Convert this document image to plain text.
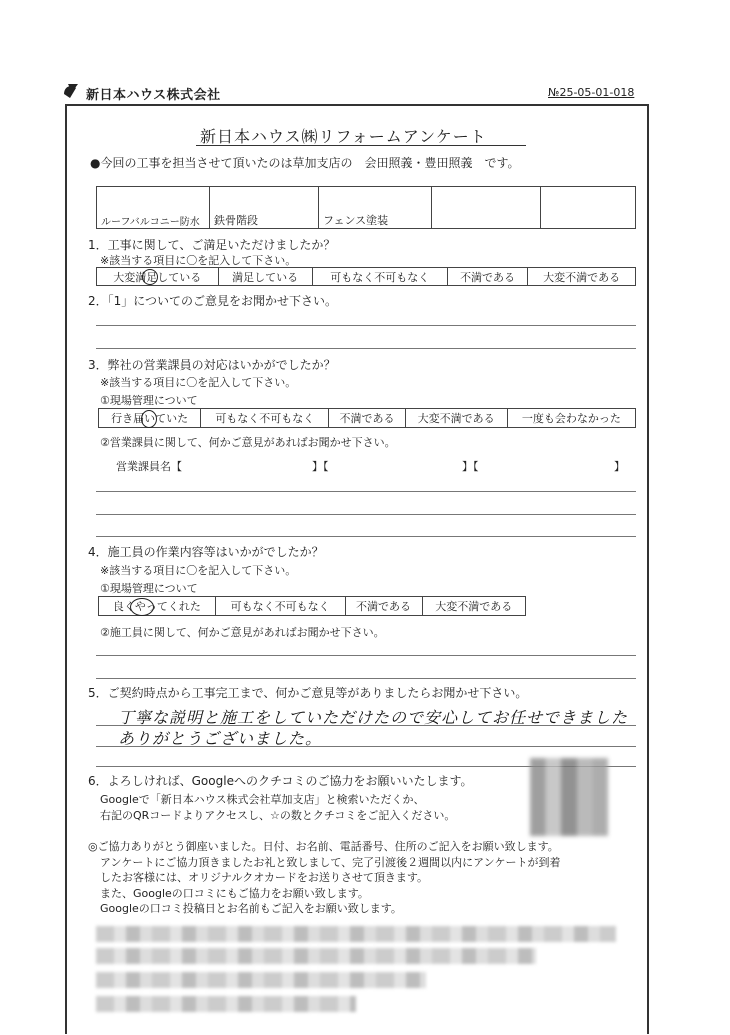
新日本ハウス株式会社	№25-05-01-018
新日本ハウス㈱リフォームアンケート
●今回の工事を担当させて頂いたのは草加支店の　会田照義・豊田照義　です。
ルーフバルコニー防水	鉄骨階段	フェンス塗装		
1．工事に関して、ご満足いただけましたか？
※該当する項目に〇を記入して下さい。
大変満足している	満足している	可もなく不可もなく	不満である	大変不満である
2．「1」についてのご意見をお聞かせ下さい。
3．弊社の営業課員の対応はいかがでしたか？
※該当する項目に〇を記入して下さい。
①現場管理について
行き届いていた	可もなく不可もなく	不満である	大変不満である	一度も会わなかった
②営業課員に関して、何かご意見があればお聞かせ下さい。
営業課員名【	】【	】【	】
4．施工員の作業内容等はいかがでしたか？
※該当する項目に〇を記入して下さい。
①現場管理について
良くやってくれた	可もなく不可もなく	不満である	大変不満である
②施工員に関して、何かご意見があればお聞かせ下さい。
5．ご契約時点から工事完工まで、何かご意見等がありましたらお聞かせ下さい。
丁寧な説明と施工をしていただけたので安心してお任せできました
ありがとうございました。
6．よろしければ、Googleへのクチコミのご協力をお願いいたします。
Googleで「新日本ハウス株式会社草加支店」と検索いただくか、
右記のQRコードよりアクセスし、☆の数とクチコミをご記入ください。
◎ご協力ありがとう御座いました。日付、お名前、電話番号、住所のご記入をお願い致します。
アンケートにご協力頂きましたお礼と致しまして、完了引渡後２週間以内にアンケートが到着
したお客様には、オリジナルクオカードをお送りさせて頂きます。
また、Googleの口コミにもご協力をお願い致します。
Googleの口コミ投稿日とお名前もご記入をお願い致します。
